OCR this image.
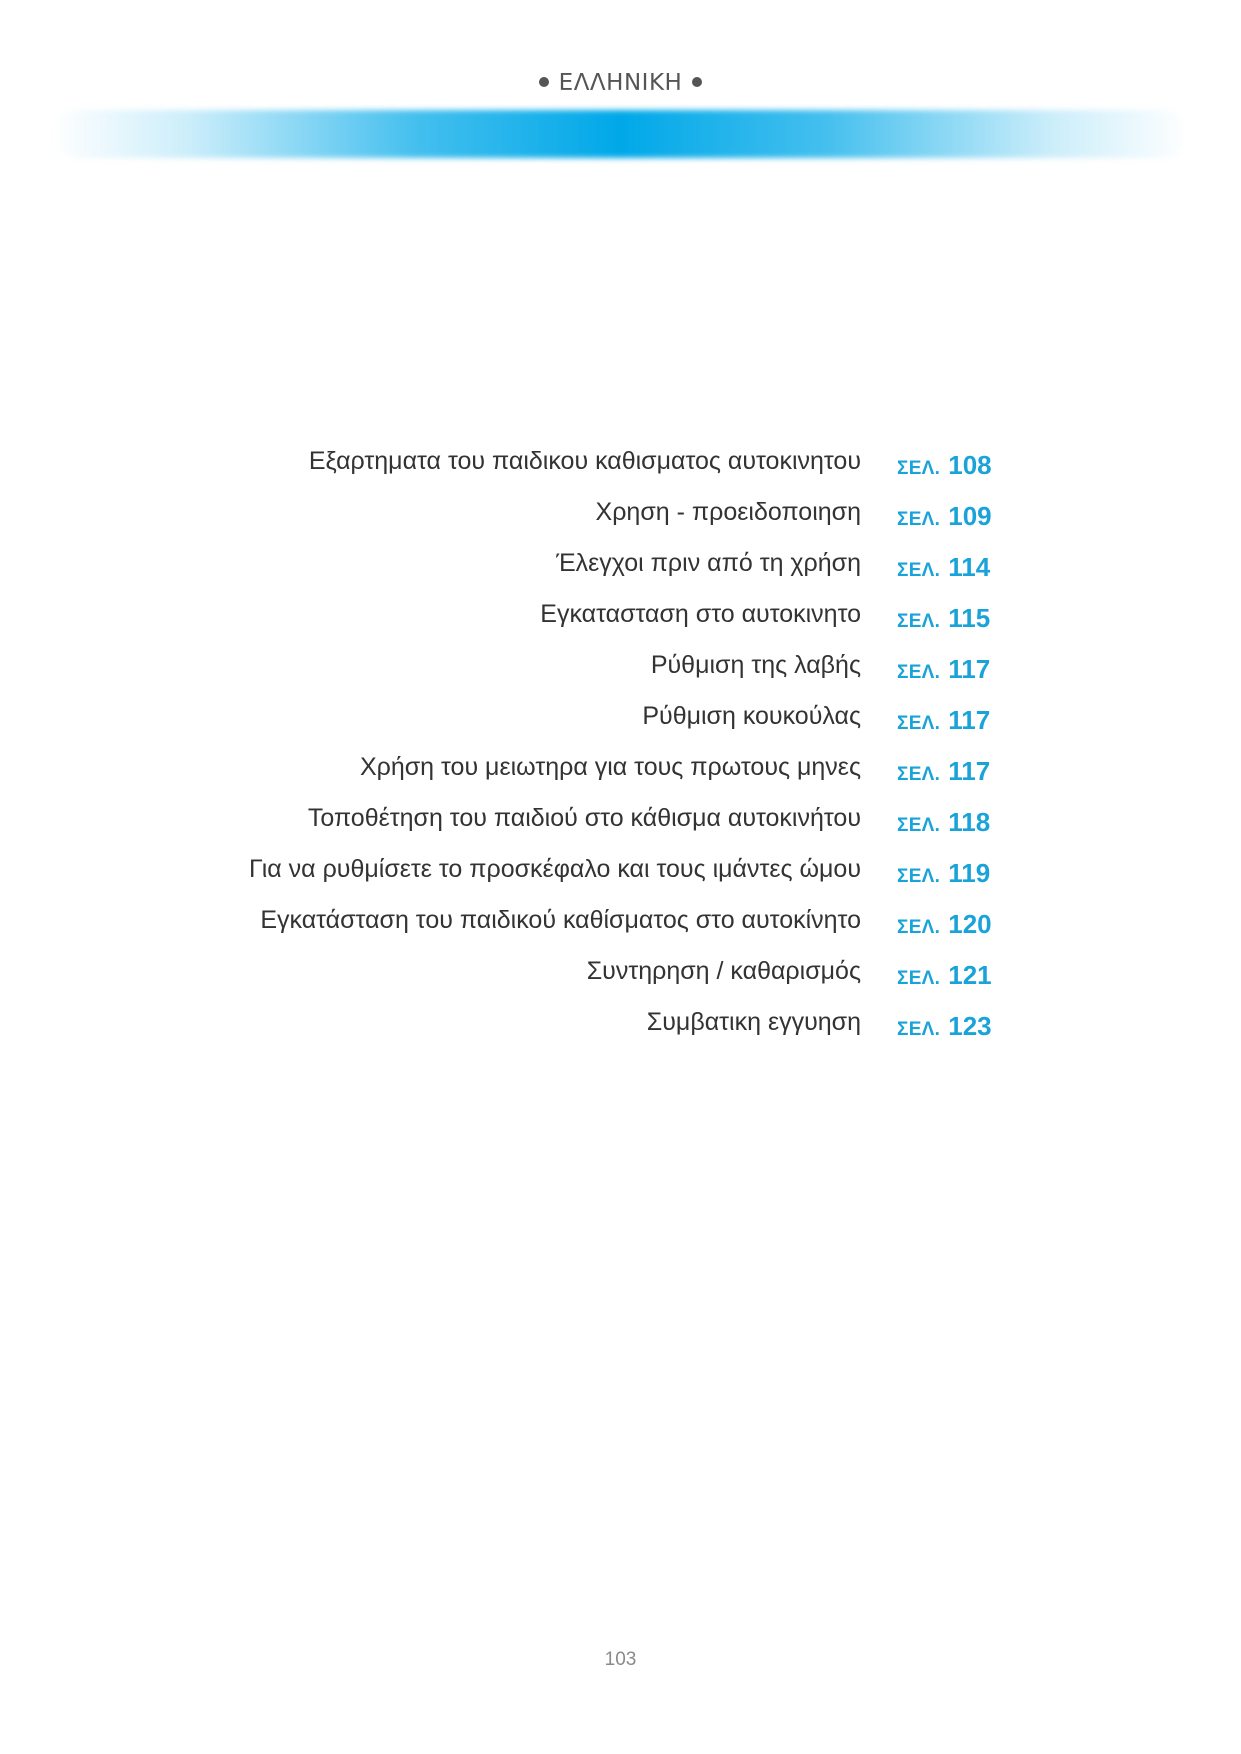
ΕΛΛΗΝΙΚΗ
Εξαρτηματα του παιδικου καθισματος αυτοκινητου ΣΕΛ. 108
Χρηση - προειδοποιηση ΣΕΛ. 109
Έλεγχοι πριν από τη χρήση ΣΕΛ. 114
Εγκατασταση στο αυτοκινητο ΣΕΛ. 115
Ρύθμιση της λαβής ΣΕΛ. 117
Ρύθμιση κουκούλας ΣΕΛ. 117
Χρήση του μειωτηρα για τους πρωτους μηνες ΣΕΛ. 117
Τοποθέτηση του παιδιού στο κάθισμα αυτοκινήτου ΣΕΛ. 118
Για να ρυθμίσετε το προσκέφαλο και τους ιμάντες ώμου ΣΕΛ. 119
Εγκατάσταση του παιδικού καθίσματος στο αυτοκίνητο ΣΕΛ. 120
Συντηρηση / καθαρισμός ΣΕΛ. 121
Συμβατικη εγγυηση ΣΕΛ. 123
103
